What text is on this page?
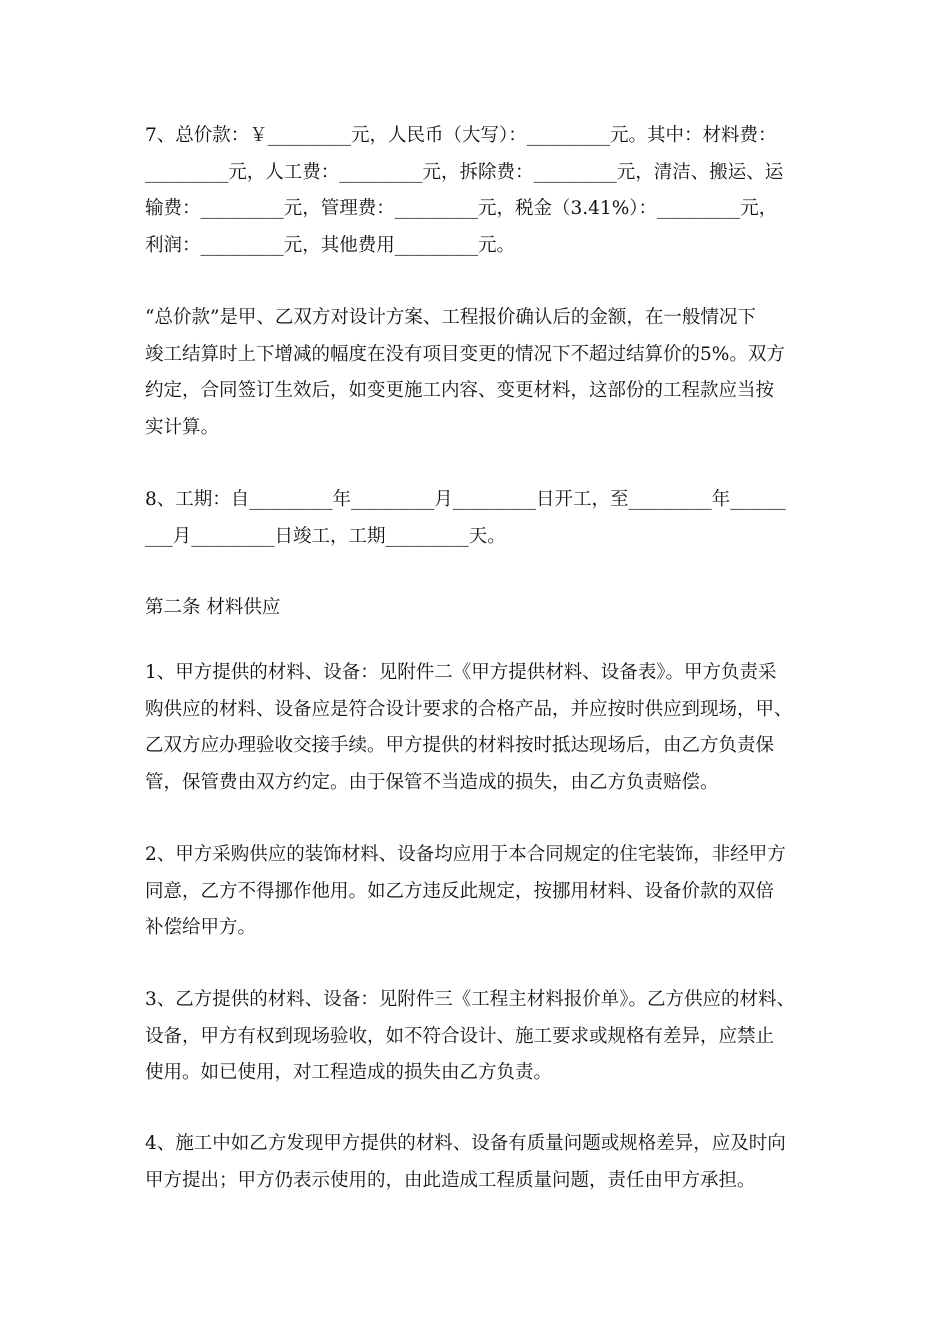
7、总价款：￥_________元，人民币（大写）：_________元。其中：材料费：
_________元，人工费：_________元，拆除费：_________元，清洁、搬运、运
输费：_________元，管理费：_________元，税金（3.41%）：_________元，
利润：_________元，其他费用_________元。
“总价款”是甲、乙双方对设计方案、工程报价确认后的金额，在一般情况下
竣工结算时上下增减的幅度在没有项目变更的情况下不超过结算价的5%。双方
约定，合同签订生效后，如变更施工内容、变更材料，这部份的工程款应当按
实计算。
8、工期：自_________年_________月_________日开工，至_________年______
___月_________日竣工，工期_________天。
第二条 材料供应
1、甲方提供的材料、设备：见附件二《甲方提供材料、设备表》。甲方负责采
购供应的材料、设备应是符合设计要求的合格产品，并应按时供应到现场，甲、
乙双方应办理验收交接手续。甲方提供的材料按时抵达现场后，由乙方负责保
管，保管费由双方约定。由于保管不当造成的损失，由乙方负责赔偿。
2、甲方采购供应的装饰材料、设备均应用于本合同规定的住宅装饰，非经甲方
同意，乙方不得挪作他用。如乙方违反此规定，按挪用材料、设备价款的双倍
补偿给甲方。
3、乙方提供的材料、设备：见附件三《工程主材料报价单》。乙方供应的材料、
设备，甲方有权到现场验收，如不符合设计、施工要求或规格有差异，应禁止
使用。如已使用，对工程造成的损失由乙方负责。
4、施工中如乙方发现甲方提供的材料、设备有质量问题或规格差异，应及时向
甲方提出；甲方仍表示使用的，由此造成工程质量问题，责任由甲方承担。
